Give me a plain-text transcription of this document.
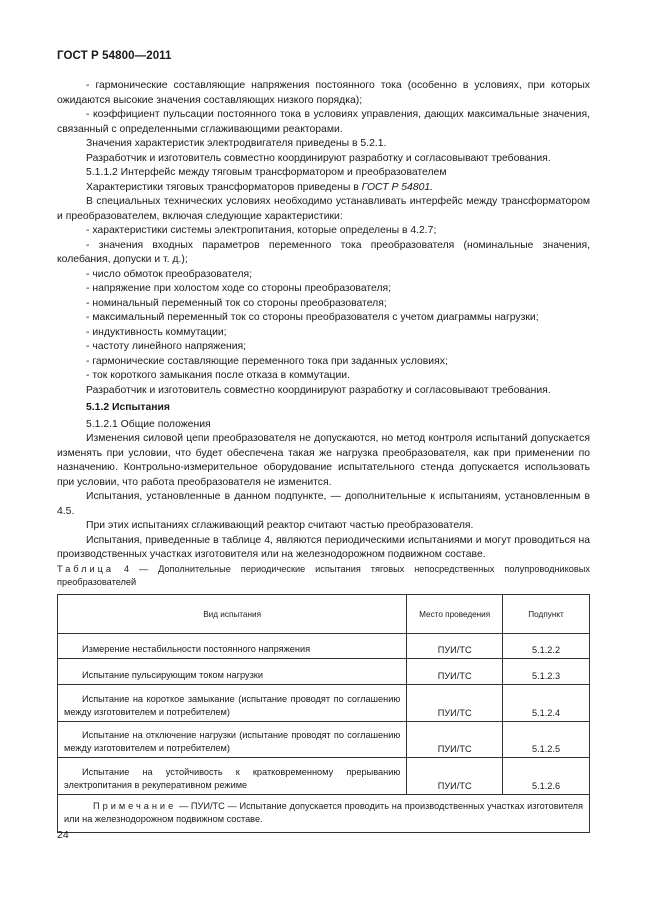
ГОСТ Р 54800—2011

- гармонические составляющие напряжения постоянного тока (особенно в условиях, при которых ожидаются высокие значения составляющих низкого порядка);

- коэффициент пульсации постоянного тока в условиях управления, дающих максимальные значения, связанный с определенными сглаживающими реакторами.

Значения характеристик электродвигателя приведены в 5.2.1.

Разработчик и изготовитель совместно координируют разработку и согласовывают требования.

5.1.1.2 Интерфейс между тяговым трансформатором и преобразователем

Характеристики тяговых трансформаторов приведены в ГОСТ Р 54801.

В специальных технических условиях необходимо устанавливать интерфейс между трансформатором и преобразователем, включая следующие характеристики:

- характеристики системы электропитания, которые определены в 4.2.7;

- значения входных параметров переменного тока преобразователя (номинальные значения, колебания, допуски и т. д.);

- число обмоток преобразователя;

- напряжение при холостом ходе со стороны преобразователя;

- номинальный переменный ток со стороны преобразователя;

- максимальный переменный ток со стороны преобразователя с учетом диаграммы нагрузки;

- индуктивность коммутации;

- частоту линейного напряжения;

- гармонические составляющие переменного тока при заданных условиях;

- ток короткого замыкания после отказа в коммутации.

Разработчик и изготовитель совместно координируют разработку и согласовывают требования.

5.1.2 Испытания

5.1.2.1 Общие положения

Изменения силовой цепи преобразователя не допускаются, но метод контроля испытаний допускается изменять при условии, что будет обеспечена такая же нагрузка преобразователя, как при применении по назначению. Контрольно-измерительное оборудование испытательного стенда допускается использовать при условии, что работа преобразователя не изменится.

Испытания, установленные в данном подпункте, — дополнительные к испытаниям, установленным в 4.5.

При этих испытаниях сглаживающий реактор считают частью преобразователя.

Испытания, приведенные в таблице 4, являются периодическими испытаниями и могут проводиться на производственных участках изготовителя или на железнодорожном подвижном составе.

Таблица 4 — Дополнительные периодические испытания тяговых непосредственных полупроводниковых преобразователей
Вид испытания	Место проведения	Подпункт
Измерение нестабильности постоянного напряжения	ПУИ/ТС	5.1.2.2
Испытание пульсирующим током нагрузки	ПУИ/ТС	5.1.2.3
Испытание на короткое замыкание (испытание проводят по соглашению между изготовителем и потребителем)	ПУИ/ТС	5.1.2.4
Испытание на отключение нагрузки (испытание проводят по соглашению между изготовителем и потребителем)	ПУИ/ТС	5.1.2.5
Испытание на устойчивость к кратковременному прерыванию электропитания в рекуперативном режиме	ПУИ/ТС	5.1.2.6
Примечание — ПУИ/ТС — Испытание допускается проводить на производственных участках изготовителя или на железнодорожном подвижном составе.		
24
